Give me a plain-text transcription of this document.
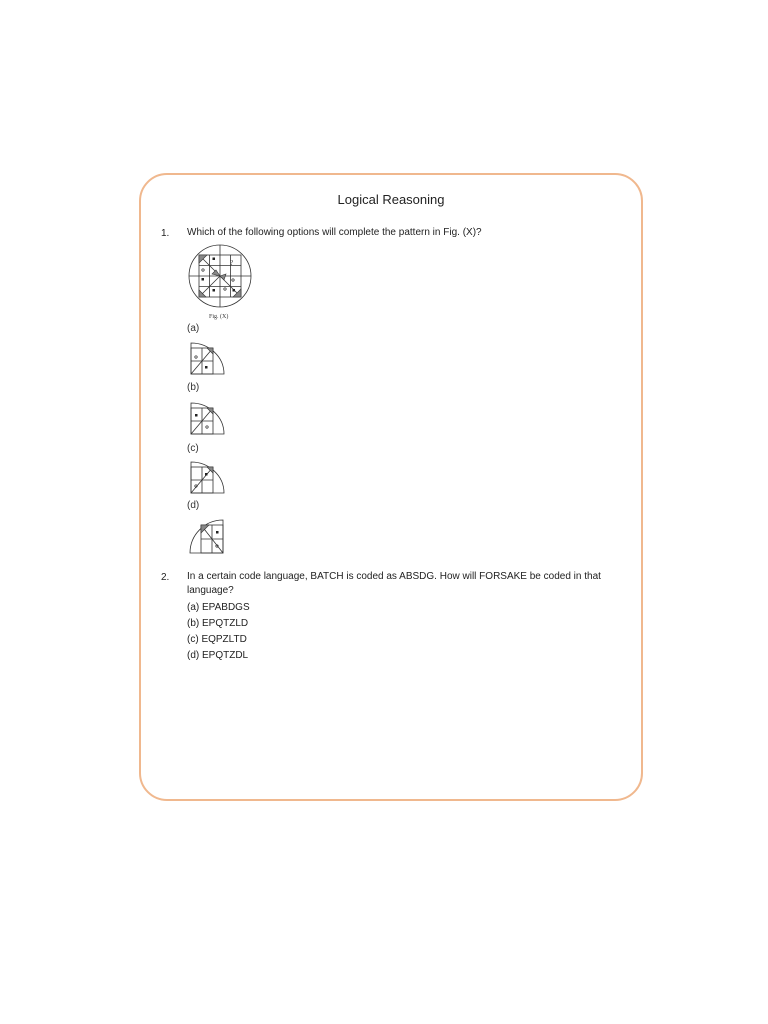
Logical Reasoning
1. Which of the following options will complete the pattern in Fig. (X)?
?
Fig. (X)
(a)
(b)
(c)
(d)
2. In a certain code language, BATCH is coded as ABSDG. How will FORSAKE be coded in that language?
(a) EPABDGS
(b) EPQTZLD
(c) EQPZLTD
(d) EPQTZDL
